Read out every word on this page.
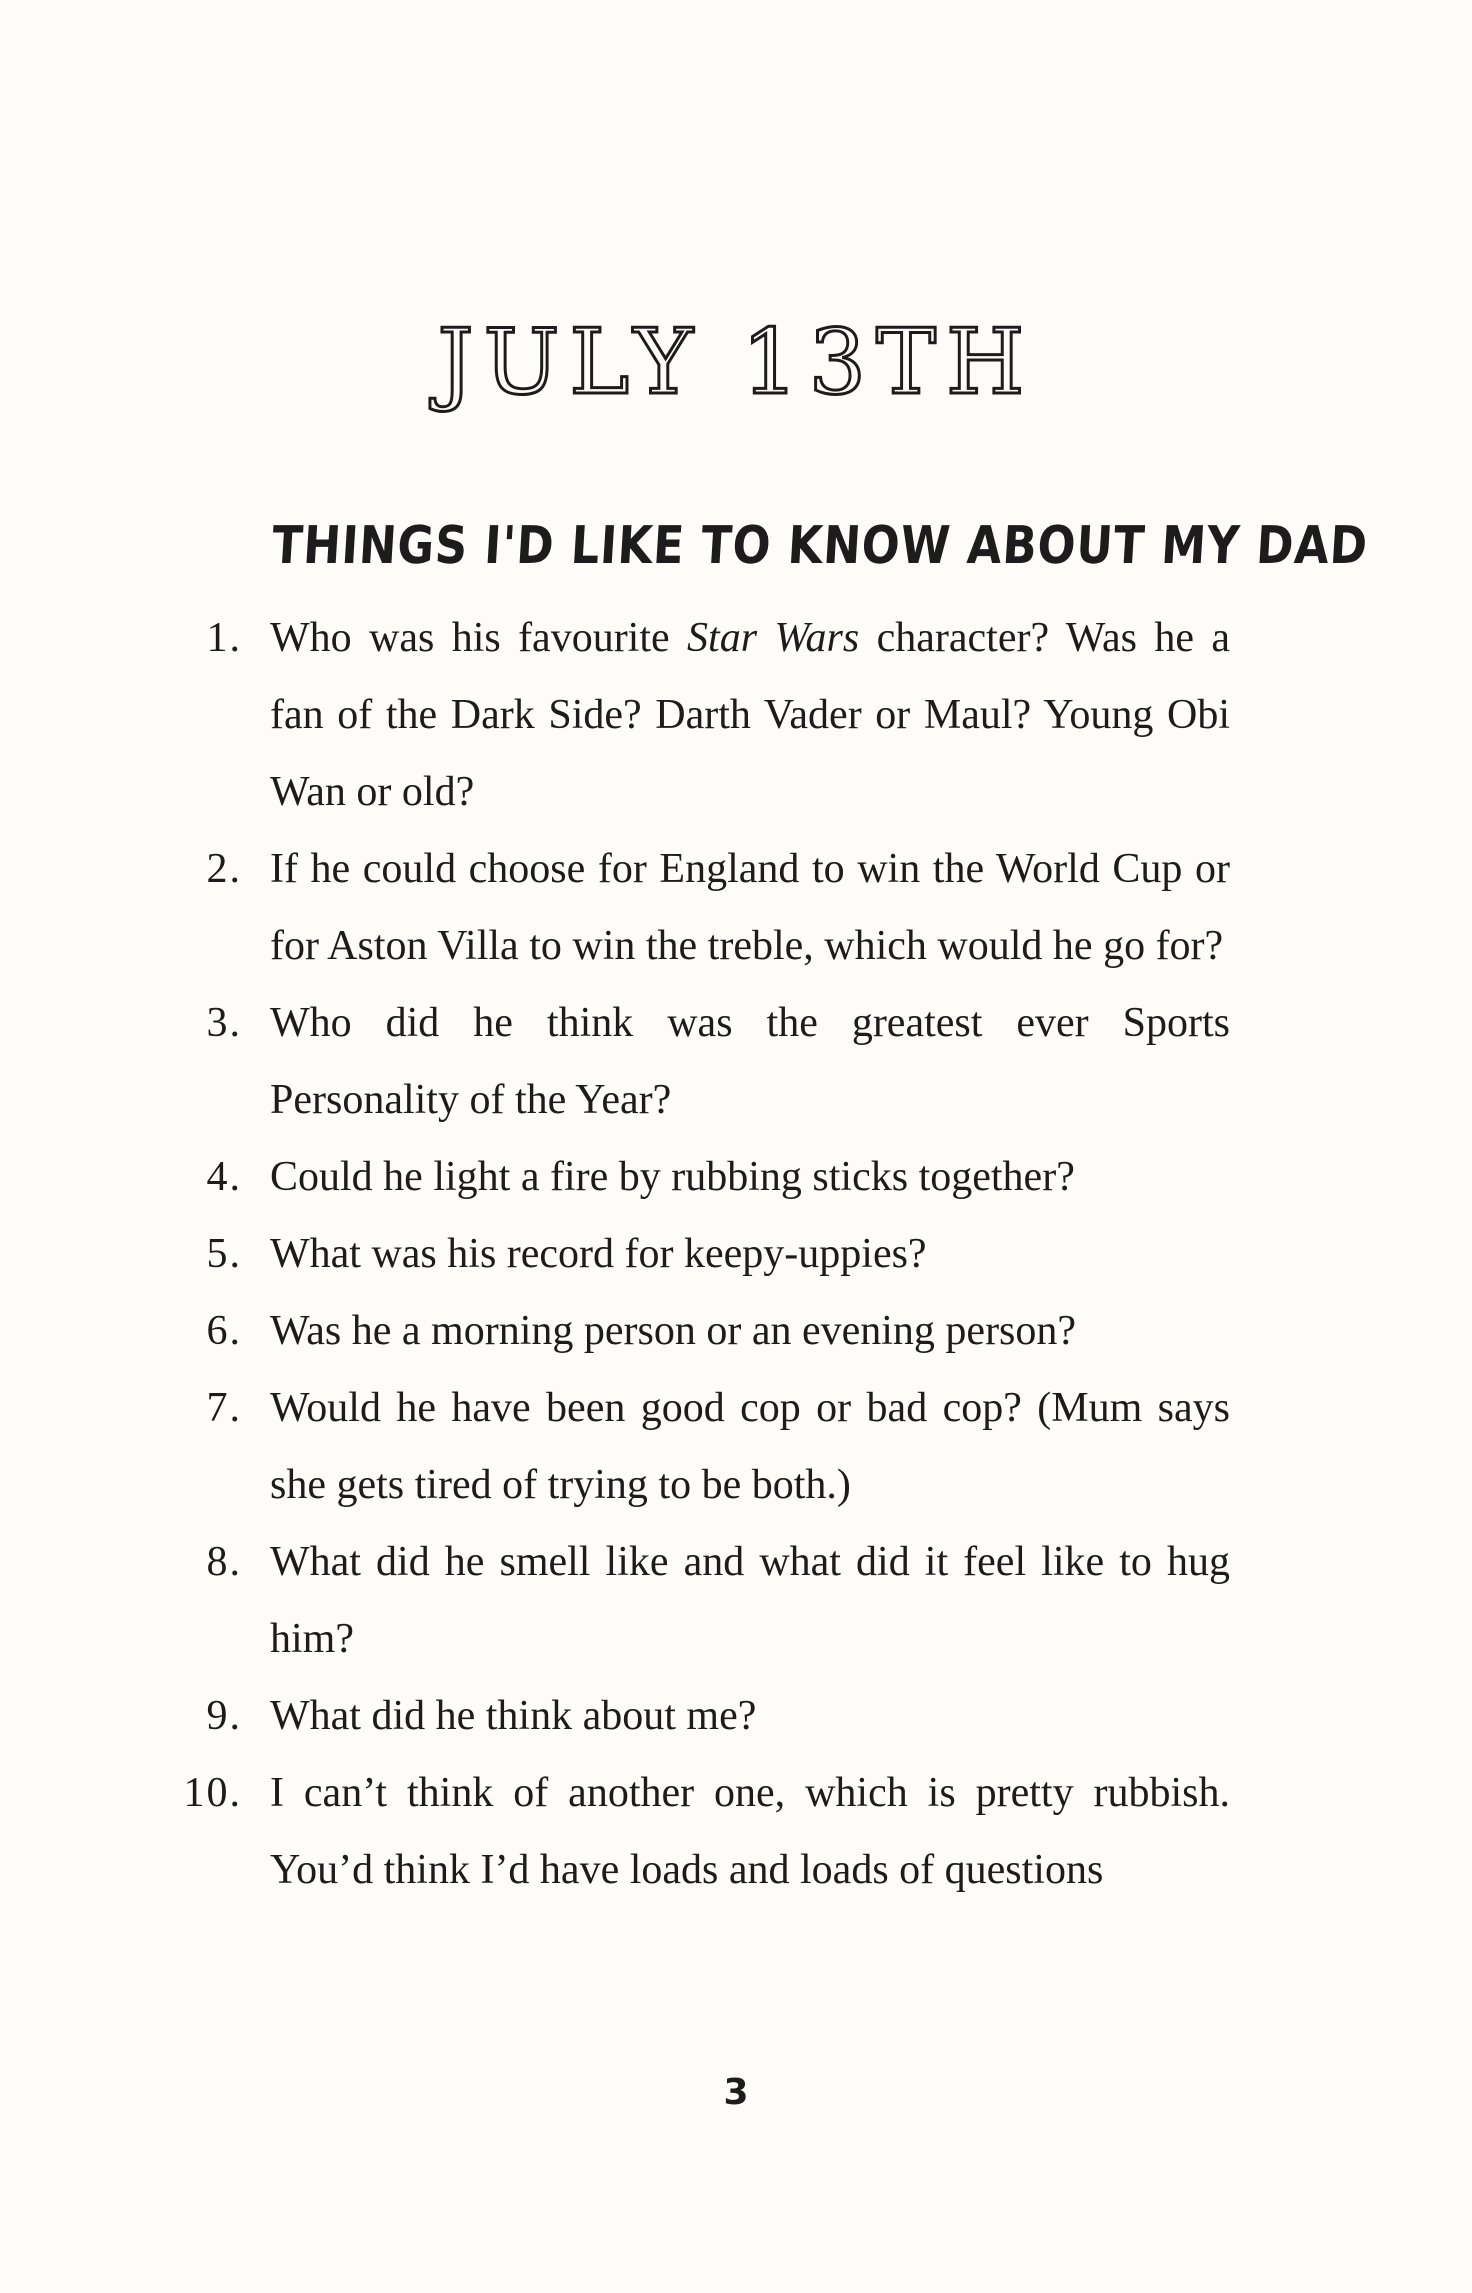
JULY 13TH
THINGS I'D LIKE TO KNOW ABOUT MY DAD
1. Who was his favourite Star Wars character? Was he a fan of the Dark Side? Darth Vader or Maul? Young Obi Wan or old?
2. If he could choose for England to win the World Cup or for Aston Villa to win the treble, which would he go for?
3. Who did he think was the greatest ever Sports Personality of the Year?
4. Could he light a fire by rubbing sticks together?
5. What was his record for keepy-uppies?
6. Was he a morning person or an evening person?
7. Would he have been good cop or bad cop? (Mum says she gets tired of trying to be both.)
8. What did he smell like and what did it feel like to hug him?
9. What did he think about me?
10. I can’t think of another one, which is pretty rubbish. You’d think I’d have loads and loads of questions
3
